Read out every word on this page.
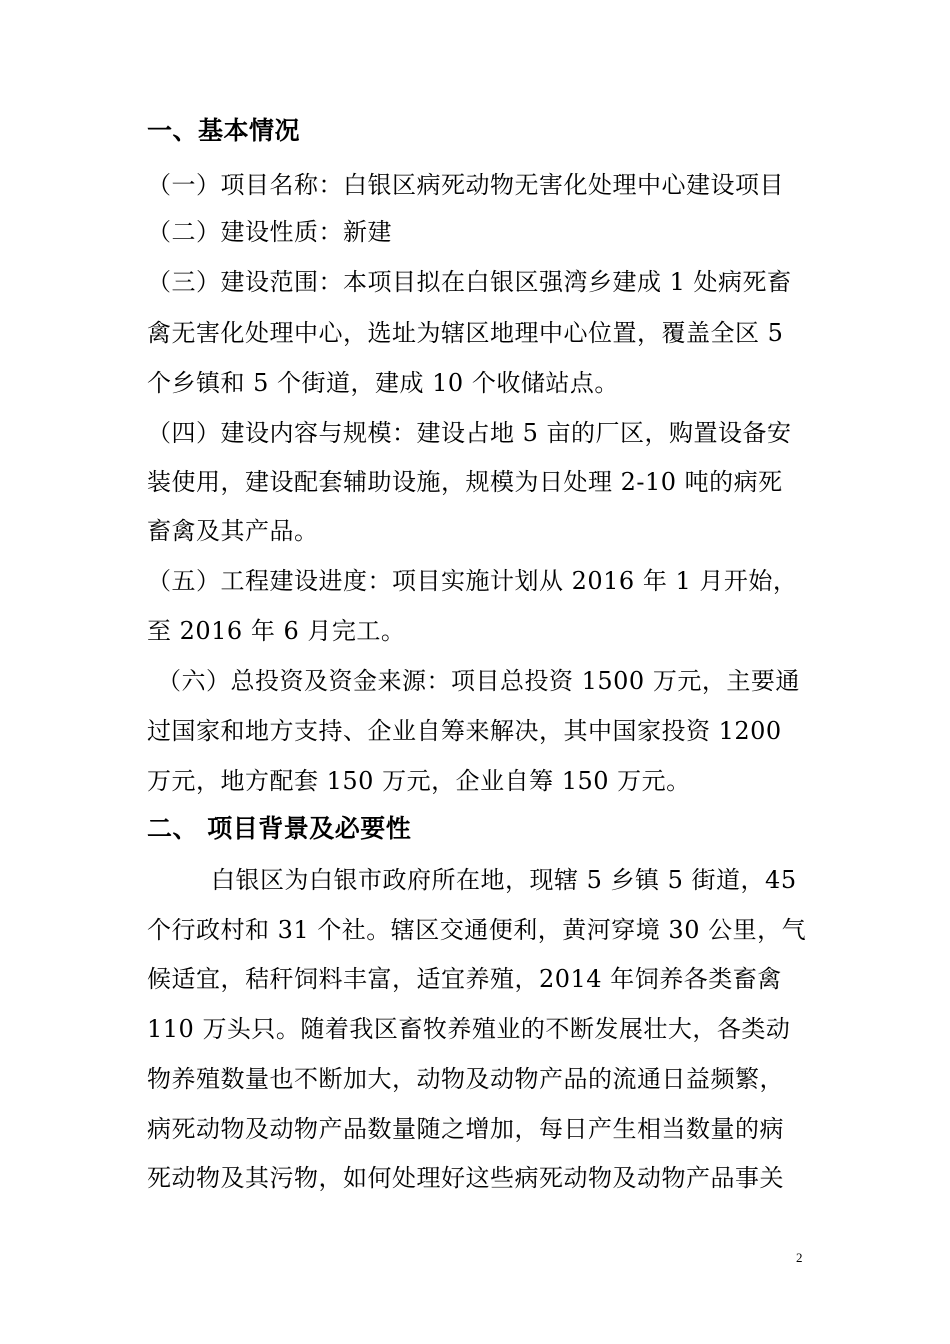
一、基本情况
（一）项目名称：白银区病死动物无害化处理中心建设项目
（二）建设性质：新建
（三）建设范围：本项目拟在白银区强湾乡建成 1 处病死畜
禽无害化处理中心，选址为辖区地理中心位置，覆盖全区 5
个乡镇和 5 个街道，建成 10 个收储站点。
（四）建设内容与规模：建设占地 5 亩的厂区，购置设备安
装使用，建设配套辅助设施，规模为日处理 2-10 吨的病死
畜禽及其产品。
（五）工程建设进度：项目实施计划从 2016 年 1 月开始，
至 2016 年 6 月完工。
（六）总投资及资金来源：项目总投资 1500 万元，主要通
过国家和地方支持、企业自筹来解决，其中国家投资 1200
万元，地方配套 150 万元，企业自筹 150 万元。
二、 项目背景及必要性
白银区为白银市政府所在地，现辖 5 乡镇 5 街道，45
个行政村和 31 个社。辖区交通便利，黄河穿境 30 公里，气
候适宜，秸秆饲料丰富，适宜养殖，2014 年饲养各类畜禽
110 万头只。随着我区畜牧养殖业的不断发展壮大，各类动
物养殖数量也不断加大，动物及动物产品的流通日益频繁，
病死动物及动物产品数量随之增加，每日产生相当数量的病
死动物及其污物，如何处理好这些病死动物及动物产品事关
2
